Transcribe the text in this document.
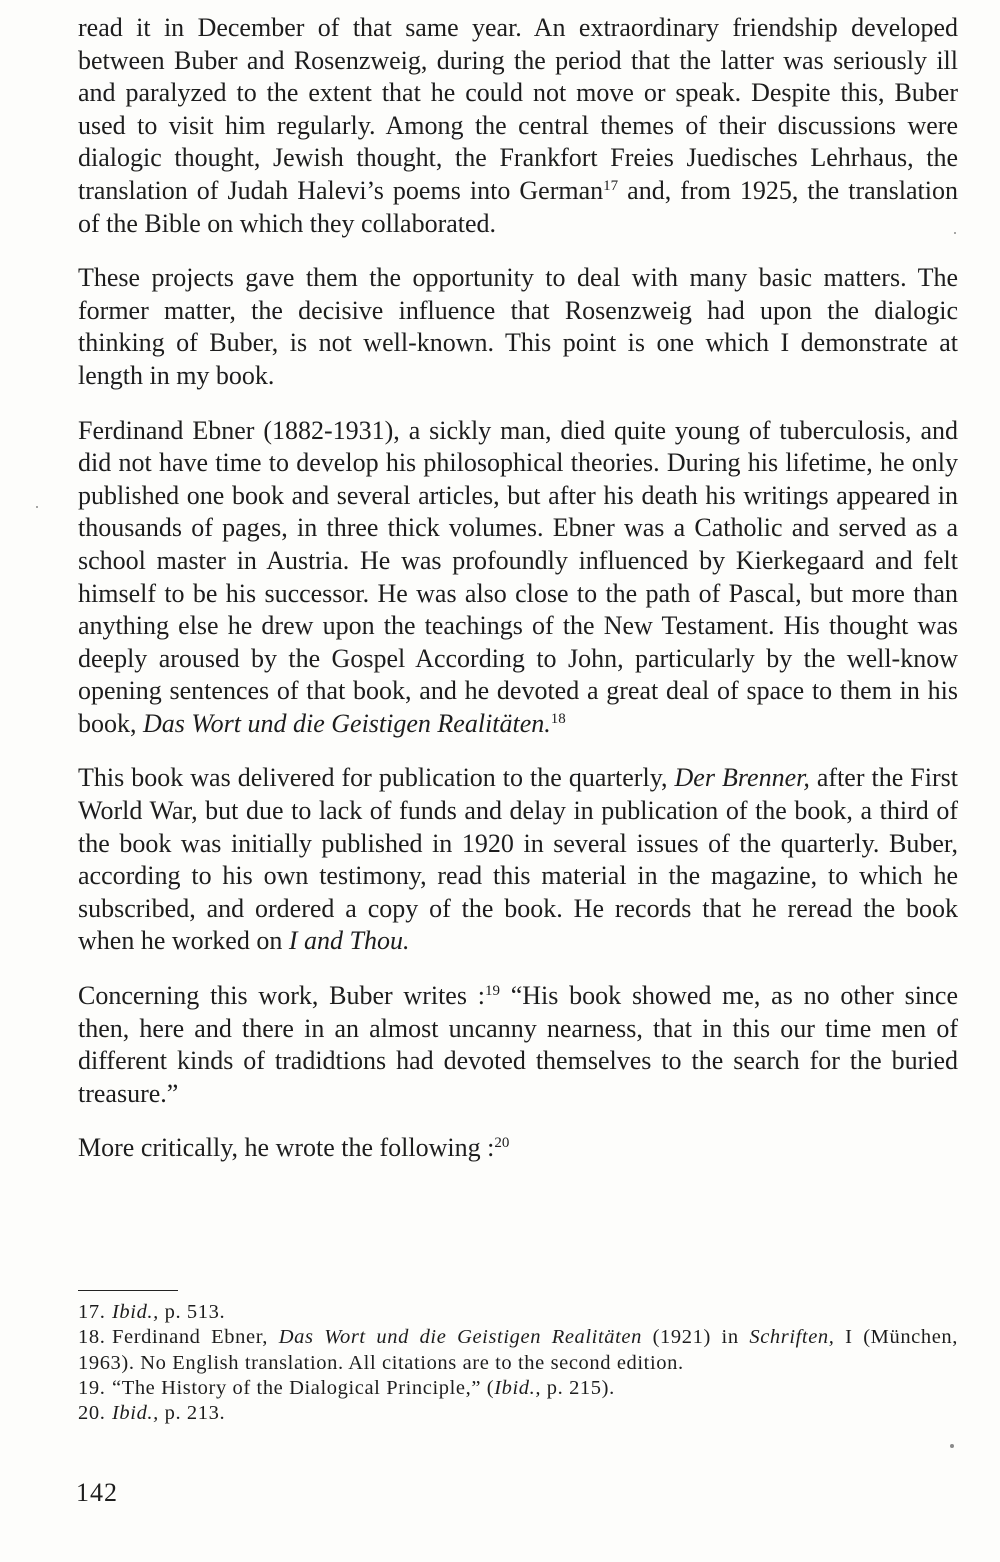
read it in December of that same year. An extraordinary friendship developed between Buber and Rosenzweig, during the period that the latter was seriously ill and paralyzed to the extent that he could not move or speak. Despite this, Buber used to visit him regularly. Among the central themes of their discussions were dialogic thought, Jewish thought, the Frankfort Freies Juedisches Lehrhaus, the translation of Judah Halevi’s poems into German$^{17}$ and, from 1925, the translation of the Bible on which they collaborated.

These projects gave them the opportunity to deal with many basic matters. The former matter, the decisive influence that Rosenzweig had upon the dialogic thinking of Buber, is not well-known. This point is one which I demonstrate at length in my book.

Ferdinand Ebner (1882-1931), a sickly man, died quite young of tuberculosis, and did not have time to develop his philosophical theories. During his lifetime, he only published one book and several articles, but after his death his writings appeared in thousands of pages, in three thick volumes. Ebner was a Catholic and served as a school master in Austria. He was profoundly influenced by Kierkegaard and felt himself to be his successor. He was also close to the path of Pascal, but more than anything else he drew upon the teachings of the New Testament. His thought was deeply aroused by the Gospel According to John, particularly by the well-know opening sentences of that book, and he devoted a great deal of space to them in his book, Das Wort und die Geistigen Realitäten.$^{18}$

This book was delivered for publication to the quarterly, Der Brenner, after the First World War, but due to lack of funds and delay in publication of the book, a third of the book was initially published in 1920 in several issues of the quarterly. Buber, according to his own testimony, read this material in the magazine, to which he subscribed, and ordered a copy of the book. He records that he reread the book when he worked on I and Thou.

Concerning this work, Buber writes :$^{19}$ “His book showed me, as no other since then, here and there in an almost uncanny nearness, that in this our time men of different kinds of tradidtions had devoted themselves to the search for the buried treasure.”

More critically, he wrote the following :$^{20}$

17. Ibid., p. 513.

18. Ferdinand Ebner, Das Wort und die Geistigen Realitäten (1921) in Schriften, I (München, 1963). No English translation. All citations are to the second edition.

19. “The History of the Dialogical Principle,” (Ibid., p. 215).

20. Ibid., p. 213.

142
